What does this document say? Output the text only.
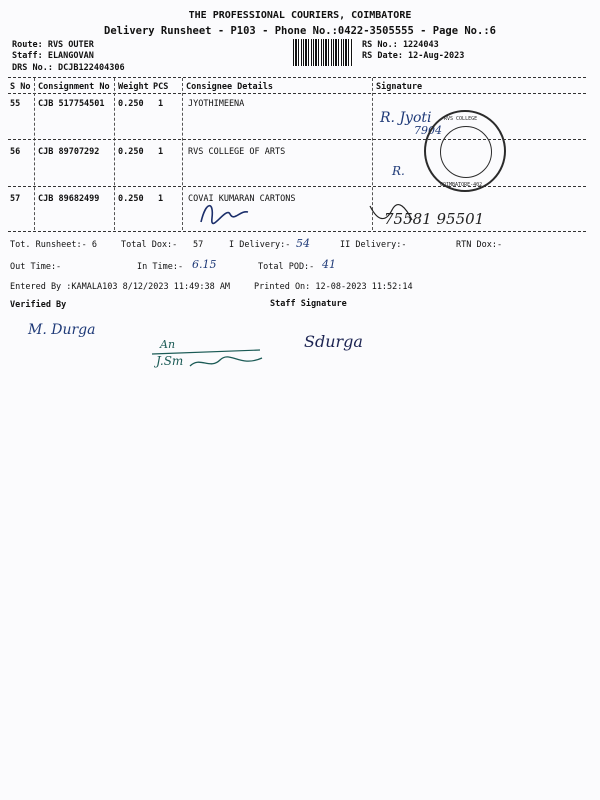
THE PROFESSIONAL COURIERS, COIMBATORE
Delivery Runsheet - P103 - Phone No.:0422-3505555 - Page No.:6
Route: RVS OUTER
Staff: ELANGOVAN
DRS No.: DCJB122404306
RS No.: 1224043
RS Date: 12-Aug-2023
S No Consignment No Weight PCS Consignee Details	Signature
55 CJB 517754501 0.250 1	JYOTHIMEENA
56 CJB 89707292 0.250 1	RVS COLLEGE OF ARTS
57 CJB 89682499 0.250 1	COVAI KUMARAN CARTONS
R. Jyoti
7904
R.
75581 95501
RVS COLLEGE
COIMBATORE-402
Tot. Runsheet:- 6	Total Dox:- 57	I Delivery:- 54	II Delivery:-	RTN Dox:-
Out Time:-	In Time:- 6.15	Total POD:- 41
Entered By :KAMALA103 8/12/2023 11:49:38 AM	Printed On: 12-08-2023 11:52:14
Verified By	Staff Signature
M. Durga
An
J.Sm
Sdurga
